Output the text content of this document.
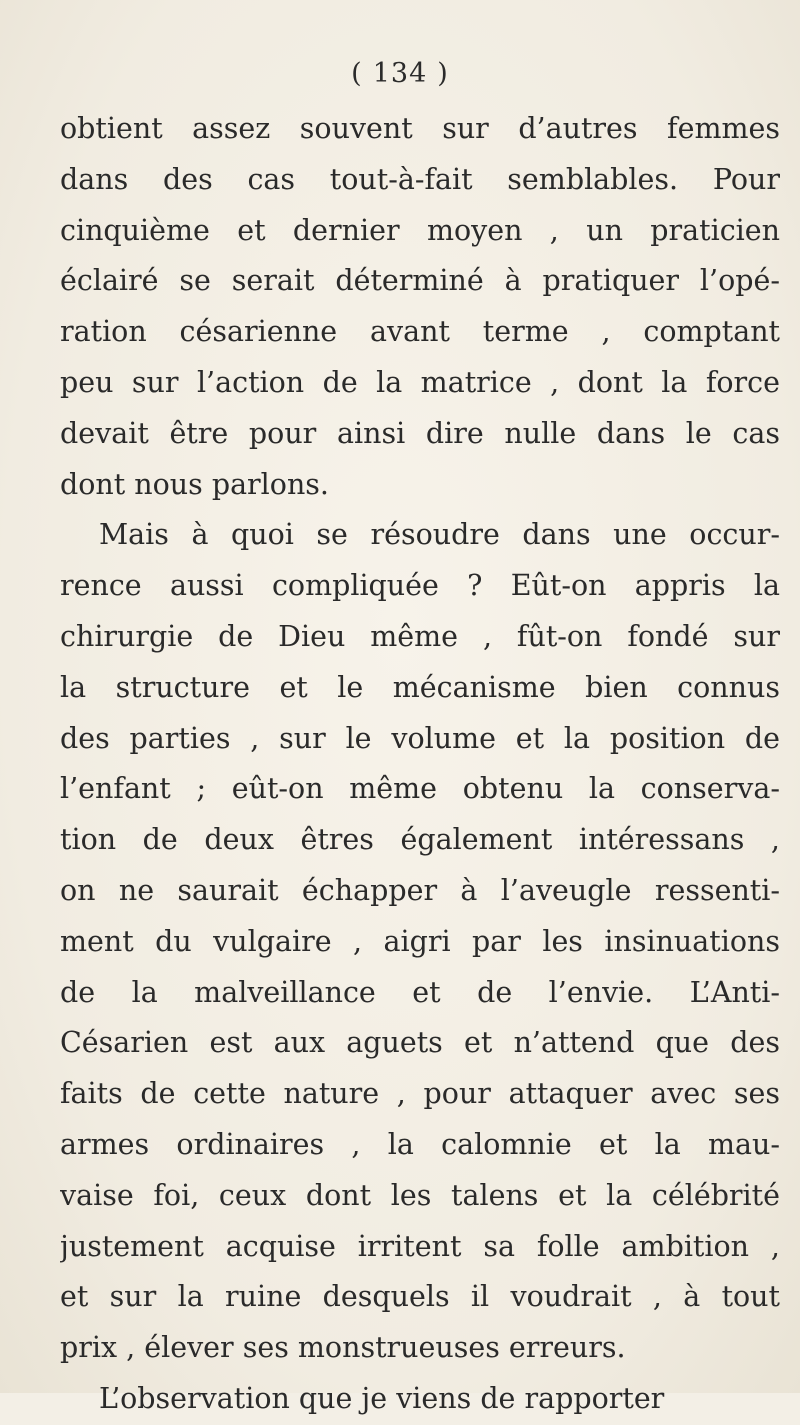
( 134 )
obtient assez souvent sur d’autres femmes
dans des cas tout-à-fait semblables. Pour
cinquième et dernier moyen , un praticien
éclairé se serait déterminé à pratiquer l’opé-
ration césarienne avant terme , comptant
peu sur l’action de la matrice , dont la force
devait être pour ainsi dire nulle dans le cas
dont nous parlons.
Mais à quoi se résoudre dans une occur-
rence aussi compliquée ? Eût-on appris la
chirurgie de Dieu même , fût-on fondé sur
la structure et le mécanisme bien connus
des parties , sur le volume et la position de
l’enfant ; eût-on même obtenu la conserva-
tion de deux êtres également intéressans ,
on ne saurait échapper à l’aveugle ressenti-
ment du vulgaire , aigri par les insinuations
de la malveillance et de l’envie. L’Anti-
Césarien est aux aguets et n’attend que des
faits de cette nature , pour attaquer avec ses
armes ordinaires , la calomnie et la mau-
vaise foi, ceux dont les talens et la célébrité
justement acquise irritent sa folle ambition ,
et sur la ruine desquels il voudrait , à tout
prix , élever ses monstrueuses erreurs.
L’observation que je viens de rapporter
